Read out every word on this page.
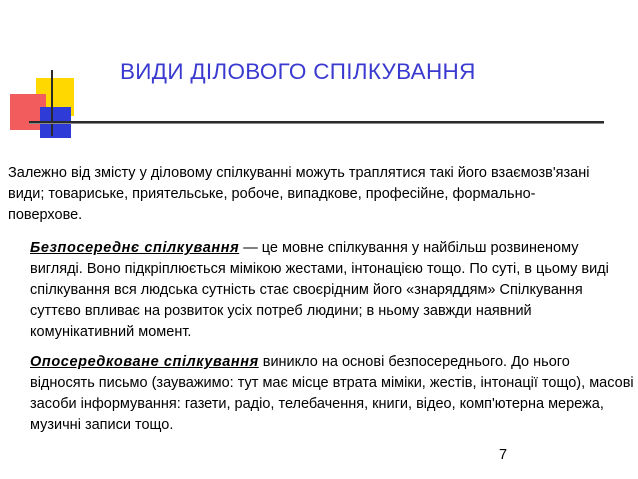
ВИДИ ДІЛОВОГО СПІЛКУВАННЯ
Залежно від змісту у діловому спілкуванні можуть траплятися такі його взаємозв'язані види; товариське, приятельське, робоче, випадкове, професійне, формально-поверхове.
Безпосереднє спілкування — це мовне спілкування у найбільш розвиненому вигляді. Воно підкріплюється мімікою жестами, інтонацією тощо. По суті, в цьому виді спілкування вся людська сутність стає своєрідним його «знаряддям» Спілкування суттєво впливає на розвиток усіх потреб людини; в ньому завжди наявний комунікативний момент.
Опосередковане спілкування виникло на основі безпосереднього. До нього відносять письмо (зауважимо: тут має місце втрата міміки, жестів, інтонації тощо), масові засоби інформування: газети, радіо, телебачення, книги, відео, комп'ютерна мережа, музичні записи тощо.
7
